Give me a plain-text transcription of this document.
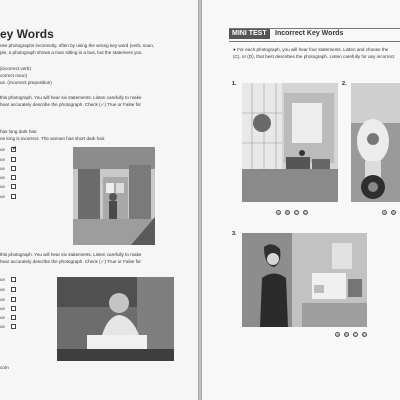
ey Words
ose photographs incorrectly, often by using the wrong key word (verb, noun,
ple, a photograph shows a man sitting in a bus, but the statement you
(incorrect verb)
correct noun)
us. (incorrect preposition)
this photograph. You will hear six statements. Listen carefully to make
hear accurately describe the photograph. Check (✓) True or False for
has long dark hair.
ne long is incorrect. The woman has short dark hair.
ue ✓
ue
ue
ue
ue
ue
this photograph. You will hear six statements. Listen carefully to make
hear accurately describe the photograph. Check (✓) True or False for
ue
ue
ue
ue
ue
ue
com
MINI TEST	Incorrect Key Words
● For each photograph, you will hear four statements. Listen and choose the
(C), or (D), that best describes the photograph. Listen carefully for any incorrect
1.
A	B	C	D
2.
A	B
3.
A	B	C	D
